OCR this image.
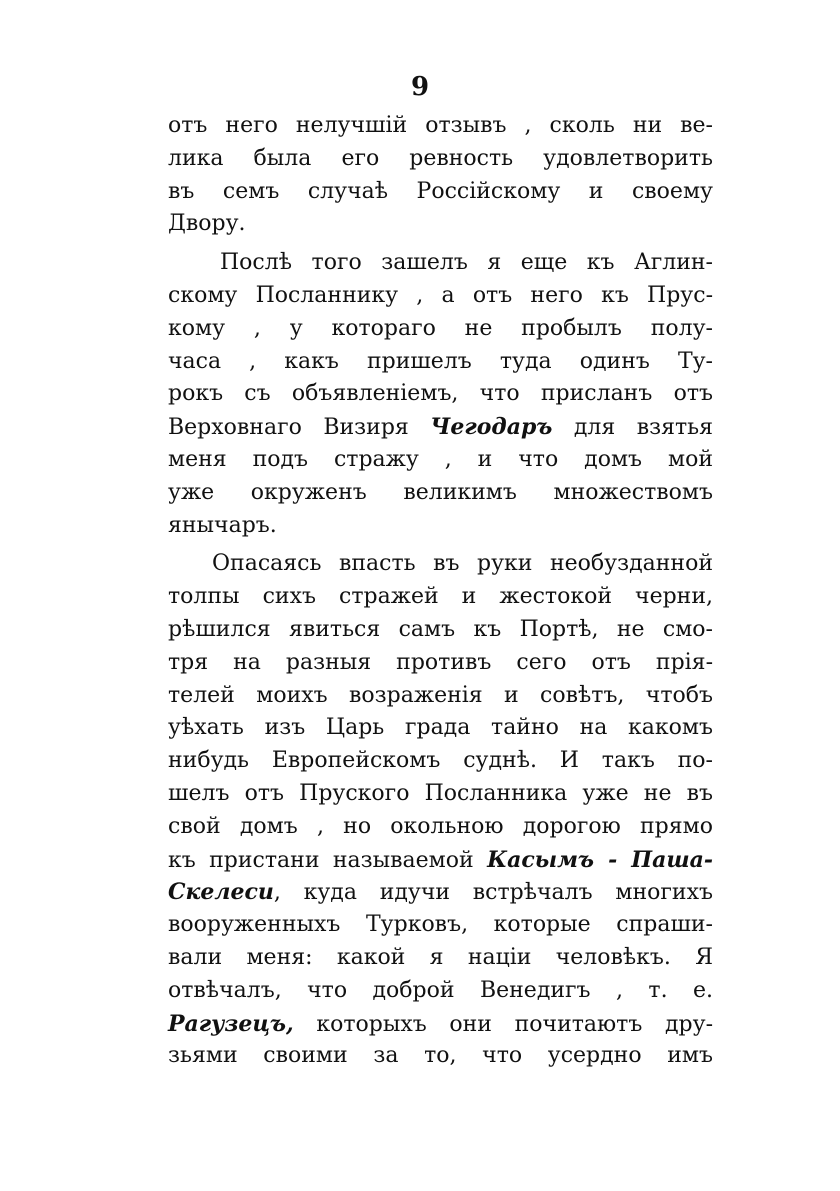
9
отъ него нелучшій отзывъ , сколь ни ве-
лика была его ревность удовлетворить
въ семъ случаѣ Россійскому и своему
Двору.
Послѣ того зашелъ я еще къ Аглин-
скому Посланнику , а отъ него къ Прус-
кому , у котораго не пробылъ полу-
часа , какъ пришелъ туда одинъ Ту-
рокъ съ объявленіемъ, что присланъ отъ
Верховнаго Визиря Чегодаръ для взятья
меня подъ стражу , и что домъ мой
уже окруженъ великимъ множествомъ
янычаръ.
Опасаясь впасть въ руки необузданной
толпы сихъ стражей и жестокой черни,
рѣшился явиться самъ къ Портѣ, не смо-
тря на разныя противъ сего отъ прія-
телей моихъ возраженія и совѣтъ, чтобъ
уѣхать изъ Царь града тайно на какомъ
нибудь Европейскомъ суднѣ. И такъ по-
шелъ отъ Пруского Посланника уже не въ
свой домъ , но окольною дорогою прямо
къ пристани называемой Касымъ - Паша-
Скелеси, куда идучи встрѣчалъ многихъ
вооруженныхъ Турковъ, которые спраши-
вали меня: какой я націи человѣкъ. Я
отвѣчалъ, что доброй Венедигъ , т. е.
Рагузецъ, которыхъ они почитаютъ дру-
зьями своими за то, что усердно имъ
